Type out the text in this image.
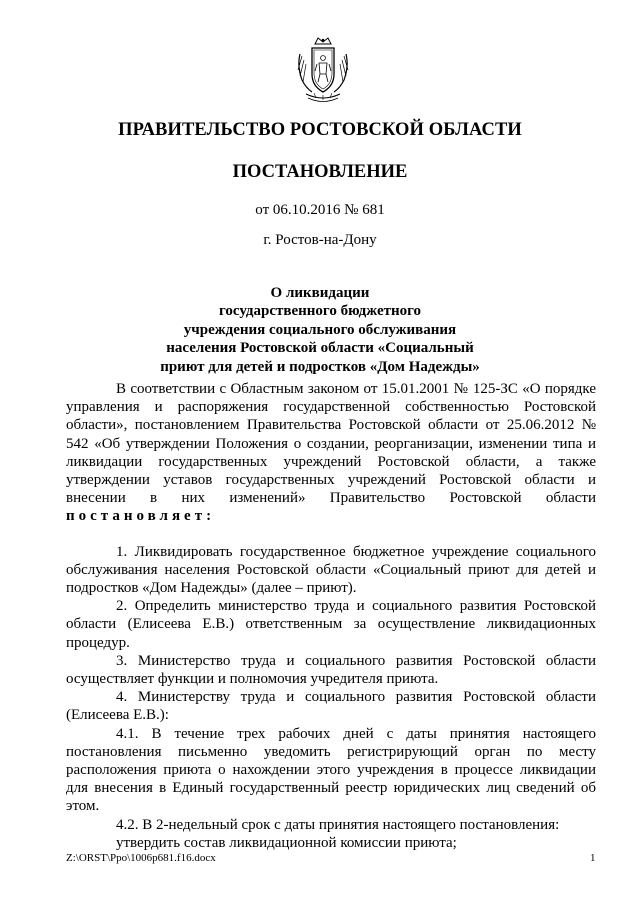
ПРАВИТЕЛЬСТВО РОСТОВСКОЙ ОБЛАСТИ
ПОСТАНОВЛЕНИЕ
от 06.10.2016 № 681
г. Ростов-на-Дону
О ликвидации
государственного бюджетного
учреждения социального обслуживания
населения Ростовской области «Социальный
приют для детей и подростков «Дом Надежды»

В соответствии с Областным законом от 15.01.2001 № 125-ЗС «О порядке управления и распоряжения государственной собственностью Ростовской области», постановлением Правительства Ростовской области от 25.06.2012 № 542 «Об утверждении Положения о создании, реорганизации, изменении типа и ликвидации государственных учреждений Ростовской области, а также утверждении уставов государственных учреждений Ростовской области и внесении в них изменений» Правительство Ростовской области постановляет:

1. Ликвидировать государственное бюджетное учреждение социального обслуживания населения Ростовской области «Социальный приют для детей и подростков «Дом Надежды» (далее – приют).

2. Определить министерство труда и социального развития Ростовской области (Елисеева Е.В.) ответственным за осуществление ликвидационных процедур.

3. Министерство труда и социального развития Ростовской области осуществляет функции и полномочия учредителя приюта.

4. Министерству труда и социального развития Ростовской области (Елисеева Е.В.):

4.1. В течение трех рабочих дней с даты принятия настоящего постановления письменно уведомить регистрирующий орган по месту расположения приюта о нахождении этого учреждения в процессе ликвидации для внесения в Единый государственный реестр юридических лиц сведений об этом.

4.2. В 2-недельный срок с даты принятия настоящего постановления:

утвердить состав ликвидационной комиссии приюта;

Z:\ORST\Ppo\1006p681.f16.docx	1
